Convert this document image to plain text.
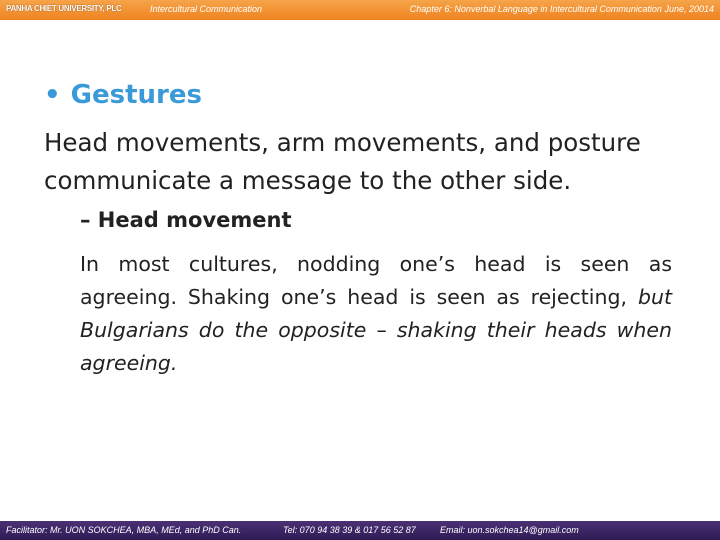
PANHA CHIET UNIVERSITY, PLC	Intercultural Communication	Chapter 6: Nonverbal Language in Intercultural Communication June, 20014
• Gestures
Head movements, arm movements, and posture communicate a message to the other side.
– Head movement
In most cultures, nodding one’s head is seen as agreeing. Shaking one’s head is seen as rejecting, but Bulgarians do the opposite – shaking their heads when agreeing.
Facilitator: Mr. UON SOKCHEA, MBA, MEd, and PhD Can.	Tel: 070 94 38 39 & 017 56 52 87	Email: uon.sokchea14@gmail.com
